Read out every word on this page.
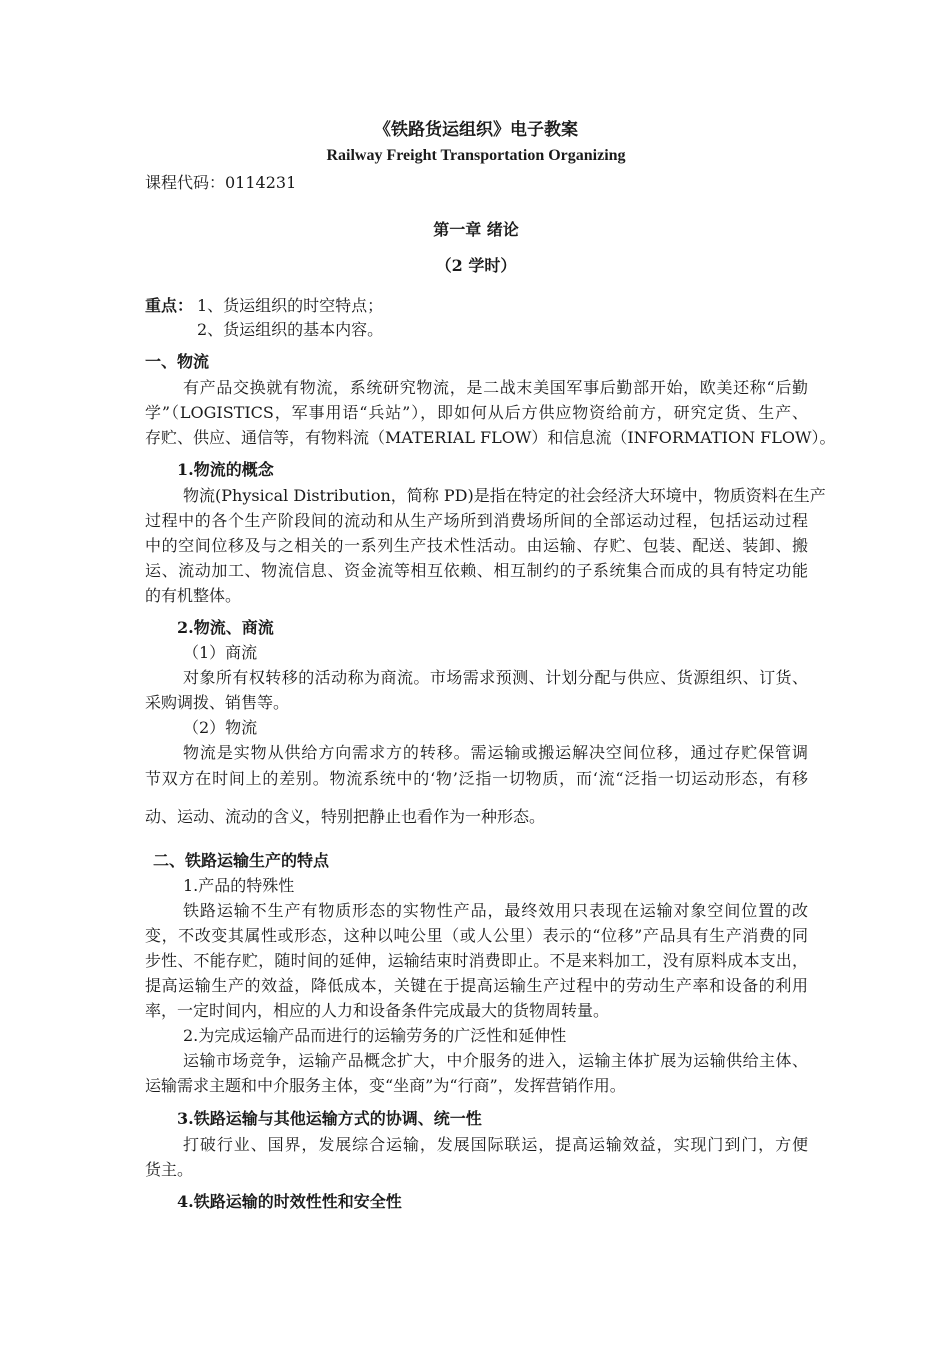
《铁路货运组织》电子教案
Railway Freight Transportation Organizing
课程代码：0114231
第一章 绪论
（2 学时）
重点： 1、货运组织的时空特点；
2、货运组织的基本内容。
一、物流
有产品交换就有物流，系统研究物流，是二战末美国军事后勤部开始，欧美还称“后勤
学”（LOGISTICS，军事用语“兵站”），即如何从后方供应物资给前方，研究定货、生产、
存贮、供应、通信等，有物料流（MATERIAL FLOW）和信息流（INFORMATION FLOW）。
1.物流的概念
物流(Physical Distribution，简称 PD)是指在特定的社会经济大环境中，物质资料在生产
过程中的各个生产阶段间的流动和从生产场所到消费场所间的全部运动过程，包括运动过程
中的空间位移及与之相关的一系列生产技术性活动。由运输、存贮、包装、配送、装卸、搬
运、流动加工、物流信息、资金流等相互依赖、相互制约的子系统集合而成的具有特定功能
的有机整体。
2.物流、商流
（1）商流
对象所有权转移的活动称为商流。市场需求预测、计划分配与供应、货源组织、订货、
采购调拨、销售等。
（2）物流
物流是实物从供给方向需求方的转移。需运输或搬运解决空间位移，通过存贮保管调
节双方在时间上的差别。物流系统中的‘物’泛指一切物质，而‘流“泛指一切运动形态，有移
动、运动、流动的含义，特别把静止也看作为一种形态。
二、铁路运输生产的特点
1.产品的特殊性
铁路运输不生产有物质形态的实物性产品，最终效用只表现在运输对象空间位置的改
变，不改变其属性或形态，这种以吨公里（或人公里）表示的“位移”产品具有生产消费的同
步性、不能存贮，随时间的延伸，运输结束时消费即止。不是来料加工，没有原料成本支出，
提高运输生产的效益，降低成本，关键在于提高运输生产过程中的劳动生产率和设备的利用
率，一定时间内，相应的人力和设备条件完成最大的货物周转量。
2.为完成运输产品而进行的运输劳务的广泛性和延伸性
运输市场竞争，运输产品概念扩大，中介服务的进入，运输主体扩展为运输供给主体、
运输需求主题和中介服务主体，变“坐商”为“行商”，发挥营销作用。
3.铁路运输与其他运输方式的协调、统一性
打破行业、国界，发展综合运输，发展国际联运，提高运输效益，实现门到门，方便
货主。
4.铁路运输的时效性性和安全性
